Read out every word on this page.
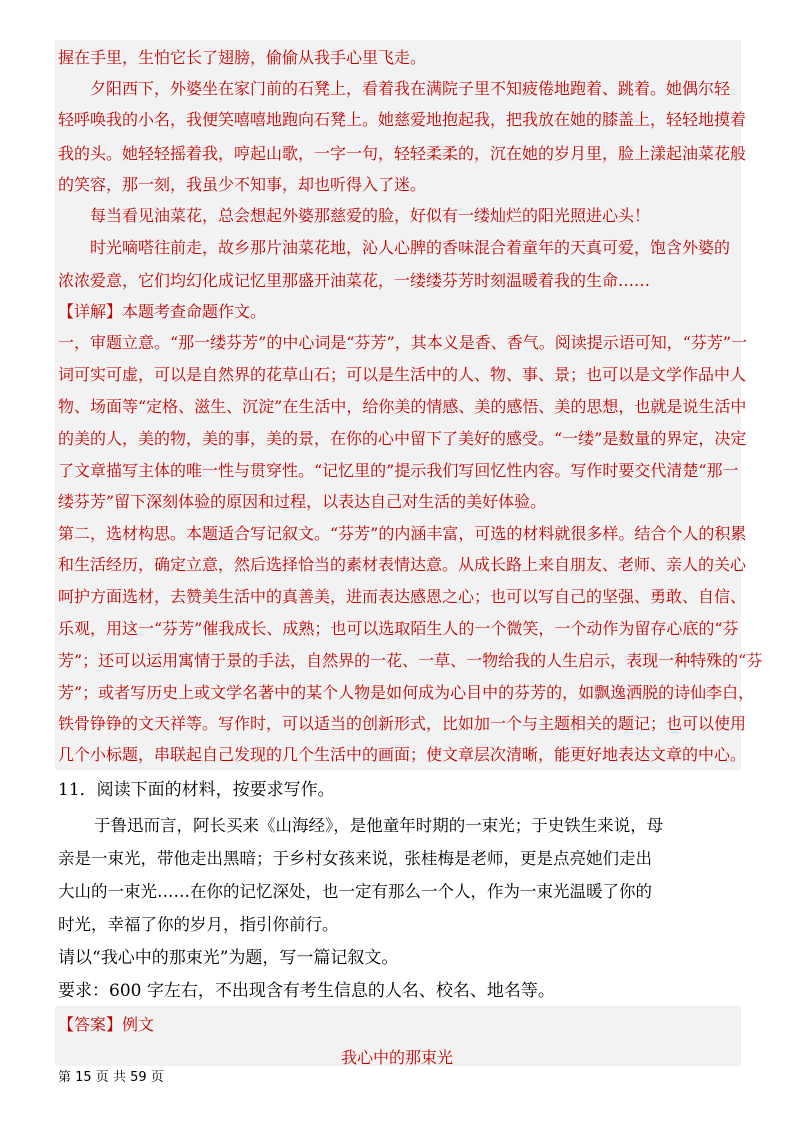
握在手里，生怕它长了翅膀，偷偷从我手心里飞走。
夕阳西下，外婆坐在家门前的石凳上，看着我在满院子里不知疲倦地跑着、跳着。她偶尔轻
轻呼唤我的小名，我便笑嘻嘻地跑向石凳上。她慈爱地抱起我，把我放在她的膝盖上，轻轻地摸着
我的头。她轻轻摇着我，哼起山歌，一字一句，轻轻柔柔的，沉在她的岁月里，脸上漾起油菜花般
的笑容，那一刻，我虽少不知事，却也听得入了迷。
每当看见油菜花，总会想起外婆那慈爱的脸，好似有一缕灿烂的阳光照进心头！
时光嘀嗒往前走，故乡那片油菜花地，沁人心脾的香味混合着童年的天真可爱，饱含外婆的
浓浓爱意，它们均幻化成记忆里那盛开油菜花，一缕缕芬芳时刻温暖着我的生命……
【详解】本题考查命题作文。
一，审题立意。“那一缕芬芳”的中心词是“芬芳”，其本义是香、香气。阅读提示语可知，“芬芳”一
词可实可虚，可以是自然界的花草山石；可以是生活中的人、物、事、景；也可以是文学作品中人
物、场面等“定格、滋生、沉淀”在生活中，给你美的情感、美的感悟、美的思想，也就是说生活中
的美的人，美的物，美的事，美的景，在你的心中留下了美好的感受。“一缕”是数量的界定，决定
了文章描写主体的唯一性与贯穿性。“记忆里的”提示我们写回忆性内容。写作时要交代清楚“那一
缕芬芳”留下深刻体验的原因和过程，以表达自己对生活的美好体验。
第二，选材构思。本题适合写记叙文。“芬芳”的内涵丰富，可选的材料就很多样。结合个人的积累
和生活经历，确定立意，然后选择恰当的素材表情达意。从成长路上来自朋友、老师、亲人的关心
呵护方面选材，去赞美生活中的真善美，进而表达感恩之心；也可以写自己的坚强、勇敢、自信、
乐观，用这一“芬芳”催我成长、成熟；也可以选取陌生人的一个微笑，一个动作为留存心底的“芬
芳”；还可以运用寓情于景的手法，自然界的一花、一草、一物给我的人生启示，表现一种特殊的“芬
芳”；或者写历史上或文学名著中的某个人物是如何成为心目中的芬芳的，如飘逸洒脱的诗仙李白，
铁骨铮铮的文天祥等。写作时，可以适当的创新形式，比如加一个与主题相关的题记；也可以使用
几个小标题，串联起自己发现的几个生活中的画面；使文章层次清晰，能更好地表达文章的中心。
11．阅读下面的材料，按要求写作。
于鲁迅而言，阿长买来《山海经》，是他童年时期的一束光；于史铁生来说，母
亲是一束光，带他走出黑暗；于乡村女孩来说，张桂梅是老师，更是点亮她们走出
大山的一束光……在你的记忆深处，也一定有那么一个人，作为一束光温暖了你的
时光，幸福了你的岁月，指引你前行。
请以“我心中的那束光”为题，写一篇记叙文。
要求：600 字左右，不出现含有考生信息的人名、校名、地名等。
【答案】例文
我心中的那束光
第 15 页 共 59 页
